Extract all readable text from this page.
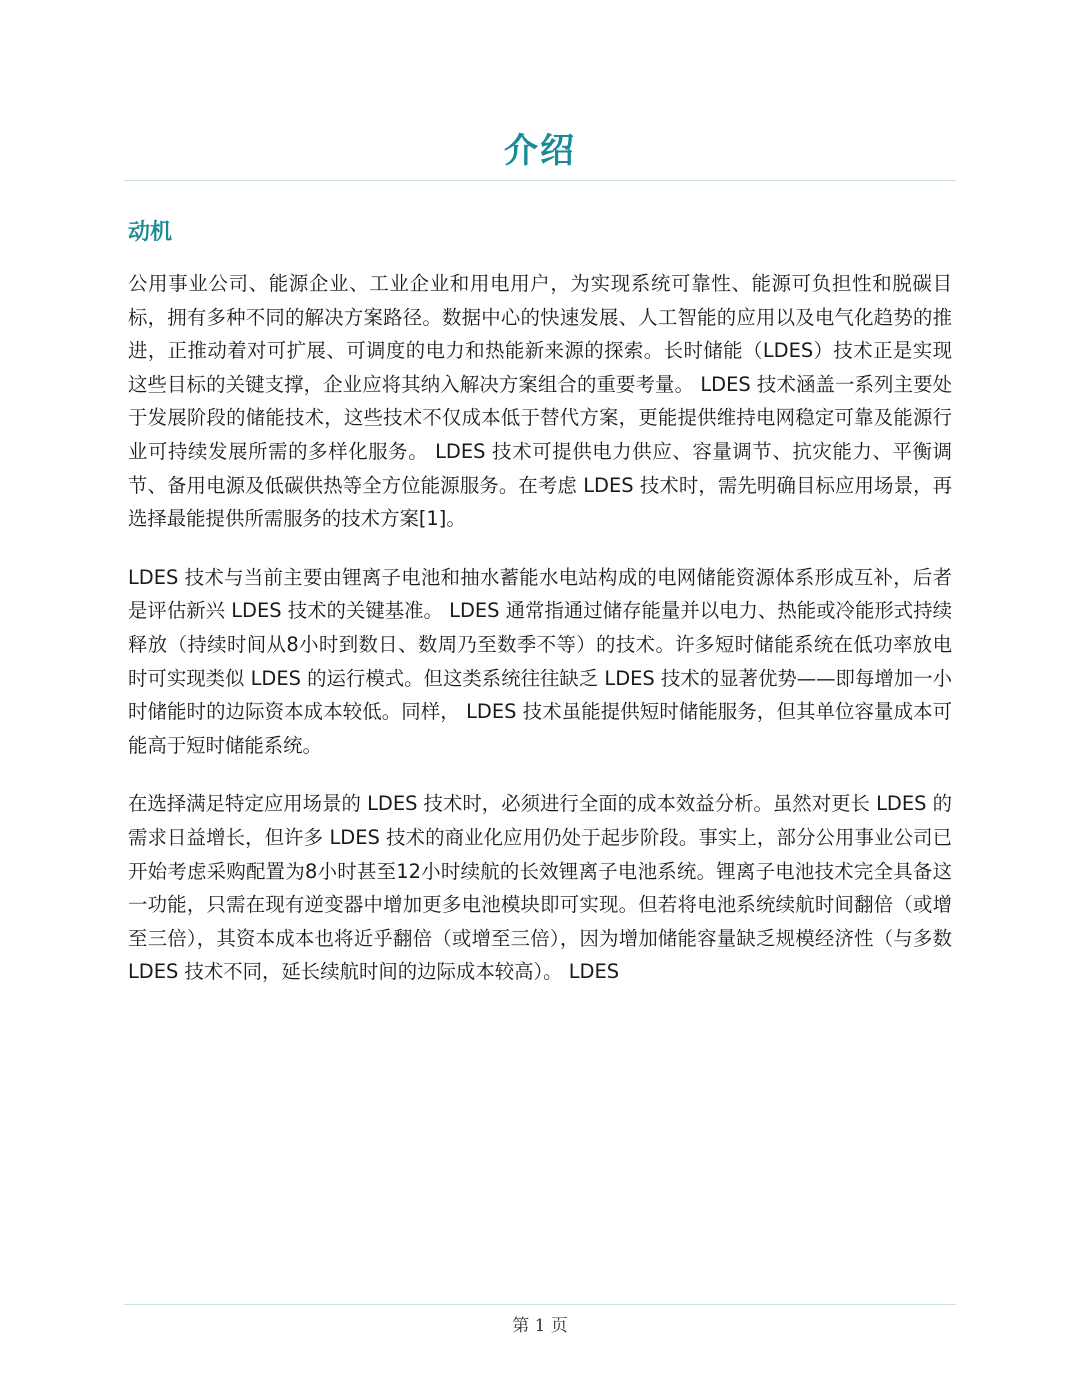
介绍
动机

公用事业公司、能源企业、工业企业和用电用户，为实现系统可靠性、能源可负担性和脱碳目标，拥有多种不同的解决方案路径。数据中心的快速发展、人工智能的应用以及电气化趋势的推进，正推动着对可扩展、可调度的电力和热能新来源的探索。长时储能（LDES）技术正是实现这些目标的关键支撑，企业应将其纳入解决方案组合的重要考量。 LDES 技术涵盖一系列主要处于发展阶段的储能技术，这些技术不仅成本低于替代方案，更能提供维持电网稳定可靠及能源行业可持续发展所需的多样化服务。 LDES 技术可提供电力供应、容量调节、抗灾能力、平衡调节、备用电源及低碳供热等全方位能源服务。在考虑 LDES 技术时，需先明确目标应用场景，再选择最能提供所需服务的技术方案[1]。

LDES 技术与当前主要由锂离子电池和抽水蓄能水电站构成的电网储能资源体系形成互补，后者是评估新兴 LDES 技术的关键基准。 LDES 通常指通过储存能量并以电力、热能或冷能形式持续释放（持续时间从8小时到数日、数周乃至数季不等）的技术。许多短时储能系统在低功率放电时可实现类似 LDES 的运行模式。但这类系统往往缺乏 LDES 技术的显著优势——即每增加一小时储能时的边际资本成本较低。同样， LDES 技术虽能提供短时储能服务，但其单位容量成本可能高于短时储能系统。

在选择满足特定应用场景的 LDES 技术时，必须进行全面的成本效益分析。虽然对更长 LDES 的需求日益增长，但许多 LDES 技术的商业化应用仍处于起步阶段。事实上，部分公用事业公司已开始考虑采购配置为8小时甚至12小时续航的长效锂离子电池系统。锂离子电池技术完全具备这一功能，只需在现有逆变器中增加更多电池模块即可实现。但若将电池系统续航时间翻倍（或增至三倍），其资本成本也将近乎翻倍（或增至三倍），因为增加储能容量缺乏规模经济性（与多数 LDES 技术不同，延长续航时间的边际成本较高）。 LDES

第 1 页
